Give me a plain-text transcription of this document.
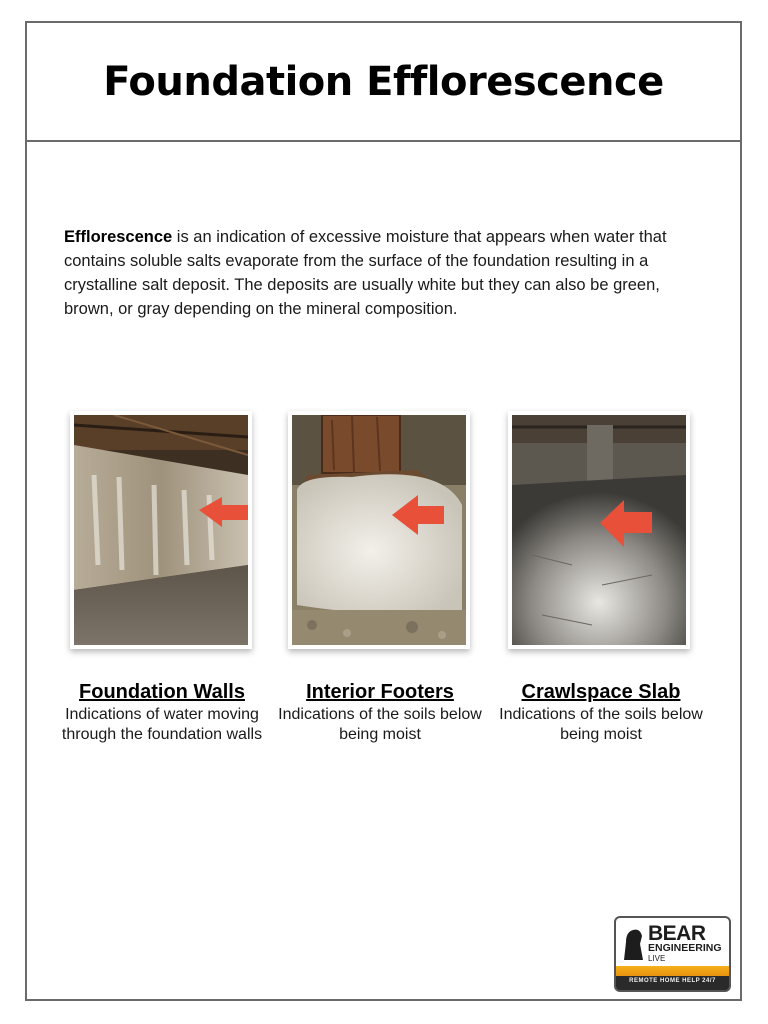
Foundation Efflorescence

Efflorescence is an indication of excessive moisture that appears when water that contains soluble salts evaporate from the surface of the foundation resulting in a crystalline salt deposit. The deposits are usually white but they can also be green, brown, or gray depending on the mineral composition.

Foundation Walls
Indications of water moving through the foundation walls
Interior Footers
Indications of the soils below being moist
Crawlspace Slab
Indications of the soils below being moist
BEAR
ENGINEERING
LIVE
REMOTE HOME HELP 24/7
